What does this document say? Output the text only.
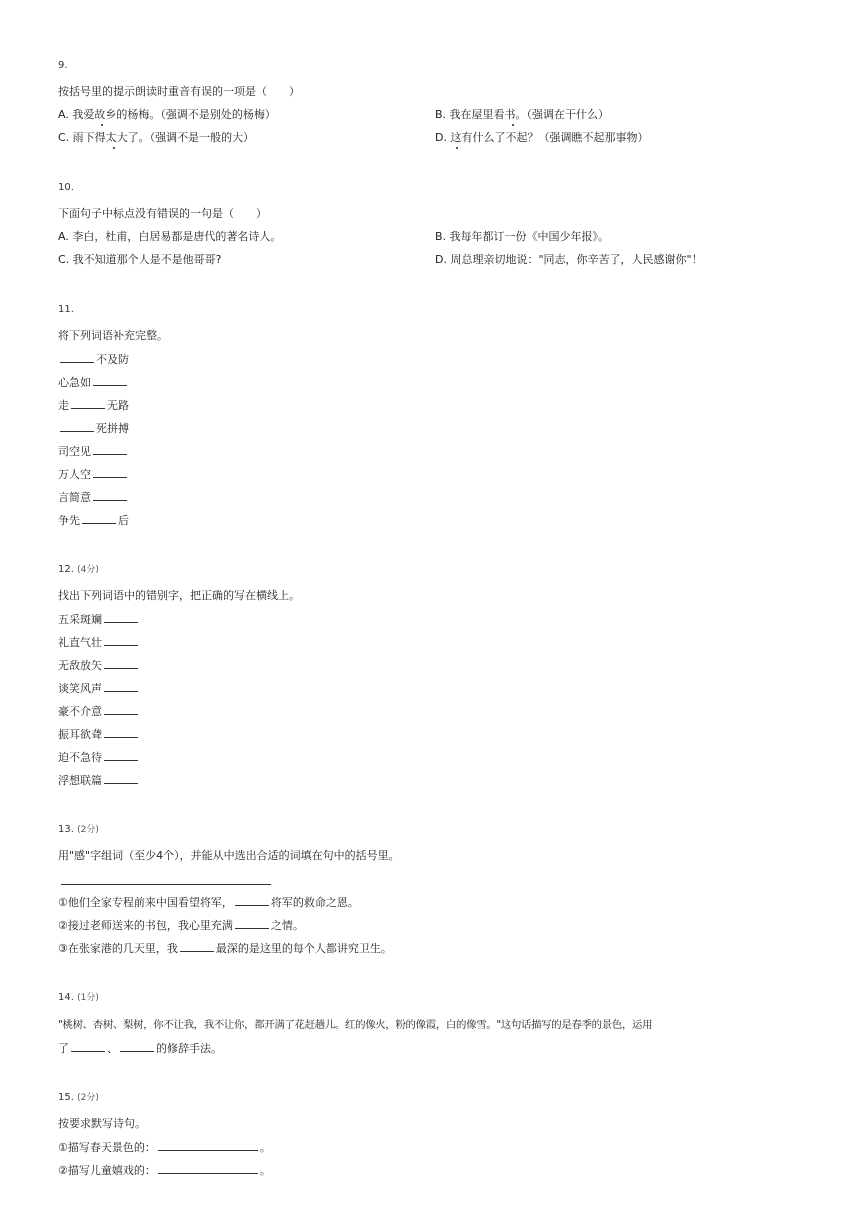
9.
按括号里的提示朗读时重音有误的一项是（　　）
A. 我爱故乡的杨梅。（强调不是别处的杨梅）	B. 我在屋里看书。（强调在干什么）
C. 雨下得太大了。（强调不是一般的大）	D. 这有什么了不起？（强调瞧不起那事物）
10.
下面句子中标点没有错误的一句是（　　）
A. 李白，杜甫，白居易都是唐代的著名诗人。	B. 我每年都订一份《中国少年报》。
C. 我不知道那个人是不是他哥哥?	D. 周总理亲切地说："同志，你辛苦了，人民感谢你"！
11.
将下列词语补充完整。
不及防
心急如
走	无路
死拼搏
司空见
万人空
言简意
争先	后
12. (4分)
找出下列词语中的错别字，把正确的写在横线上。
五采斑斓
礼直气壮
无敌放矢
谈笑风声
豪不介意
振耳欲聋
迫不急待
浮想联篇
13. (2分)
用"感"字组词（至少4个），并能从中选出合适的词填在句中的括号里。
①他们全家专程前来中国看望将军，	将军的救命之恩。
②接过老师送来的书包，我心里充满	之情。
③在张家港的几天里，我	最深的是这里的每个人都讲究卫生。
14. (1分)
"桃树、杏树、梨树，你不让我，我不让你，都开满了花赶趟儿。红的像火，粉的像霞，白的像雪。"这句话描写的是春季的景色，运用
了	、	的修辞手法。
15. (2分)
按要求默写诗句。
①描写春天景色的：	。
②描写儿童嬉戏的：	。
